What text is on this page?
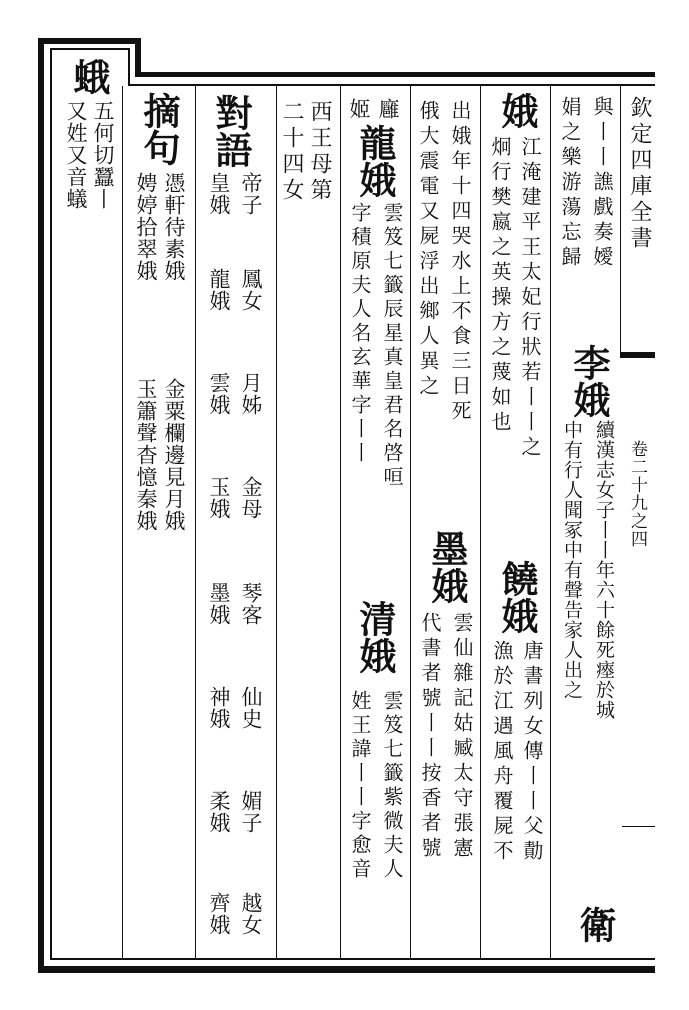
欽定四庫全書
卷二十九之四
蛾
五何切蠶丨
又姓又音蟻 摘句
憑軒待素娥
金粟欄邊見月娥
娉婷拾翠娥
玉簫聲杳憶秦娥
對語
帝子
皇娥
鳳女
月姊
金母
琴客
仙史
媚子
越女
龍娥
雲娥
玉娥
墨娥
神娥
柔娥
齊娥
二十四女 西王母第 廱
姬
龍娥
雲笈七籤辰星真皇君名啓咺
字積原夫人名玄華字丨丨
清娥
雲笈七籤紫微夫人
姓王諱丨丨字愈音
出娥年十四哭水上不食三日死
俄大震電又屍浮出鄉人異之
墨娥
雲仙雜記姑臧太守張憲
代書者號丨丨按香者號
娥
江淹建平王太妃行狀若丨丨之
炯行樊嬴之英操方之蔑如也
饒娥
唐書列女傳丨丨父勣
漁於江遇風舟覆屍不
與丨丨譙戲奏嬡
娟之樂游蕩忘歸
李娥
續漢志女子丨丨年六十餘死瘞於城
中有行人聞冢中有聲告家人出之
衛
